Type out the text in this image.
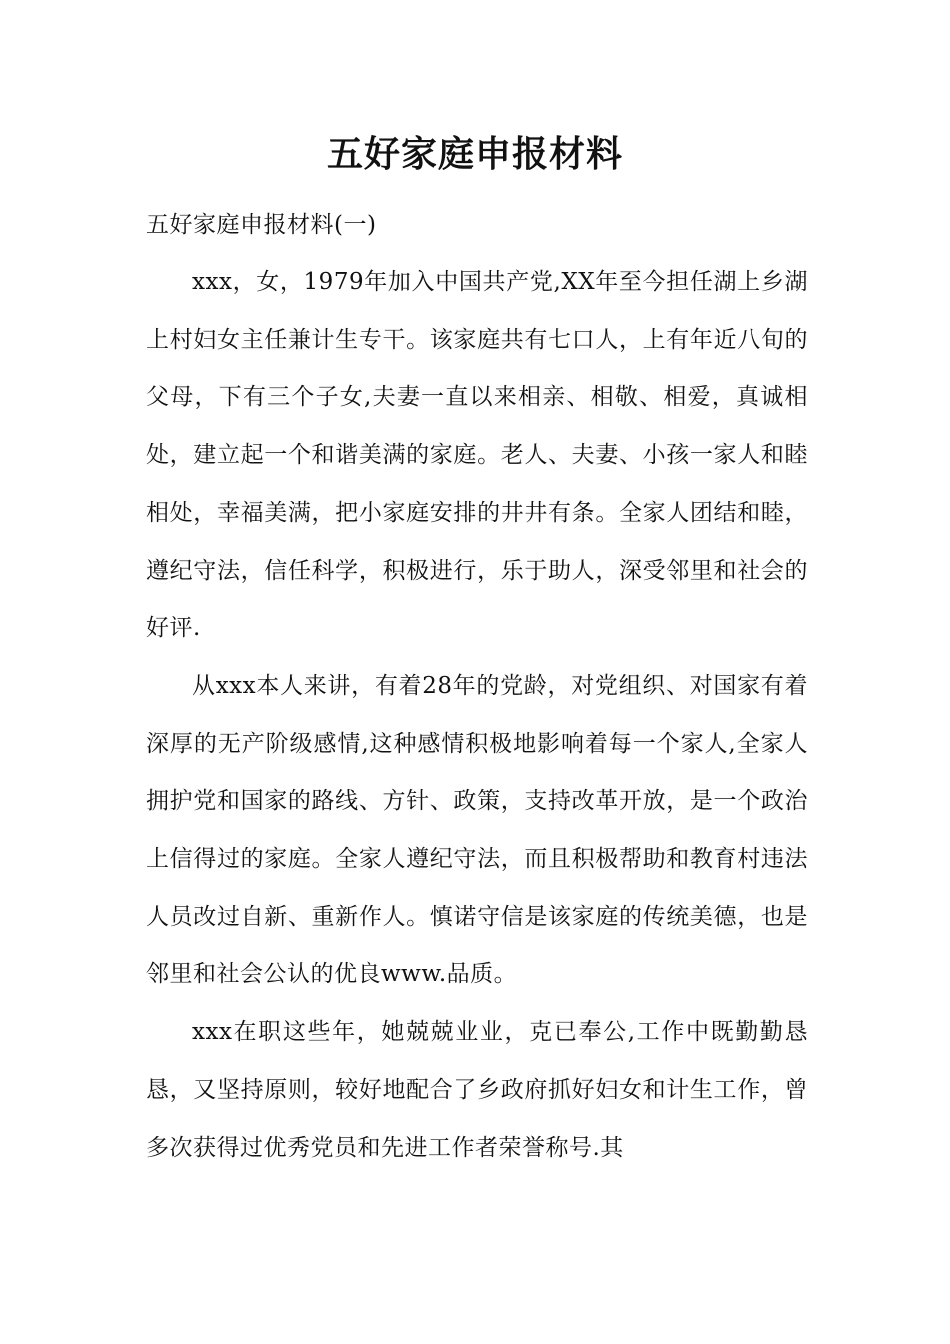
五好家庭申报材料

五好家庭申报材料(一)

xxx，女，1979年加入中国共产党,XX年至今担任湖上乡湖上村妇女主任兼计生专干。该家庭共有七口人，上有年近八旬的父母，下有三个子女,夫妻一直以来相亲、相敬、相爱，真诚相处，建立起一个和谐美满的家庭。老人、夫妻、小孩一家人和睦相处，幸福美满，把小家庭安排的井井有条。全家人团结和睦，遵纪守法，信任科学，积极进行，乐于助人，深受邻里和社会的好评.

从xxx本人来讲，有着28年的党龄，对党组织、对国家有着深厚的无产阶级感情,这种感情积极地影响着每一个家人,全家人拥护党和国家的路线、方针、政策，支持改革开放，是一个政治上信得过的家庭。全家人遵纪守法，而且积极帮助和教育村违法人员改过自新、重新作人。慎诺守信是该家庭的传统美德，也是邻里和社会公认的优良www.品质。

xxx在职这些年，她兢兢业业，克已奉公,工作中既勤勤恳恳，又坚持原则，较好地配合了乡政府抓好妇女和计生工作，曾多次获得过优秀党员和先进工作者荣誉称号.其
